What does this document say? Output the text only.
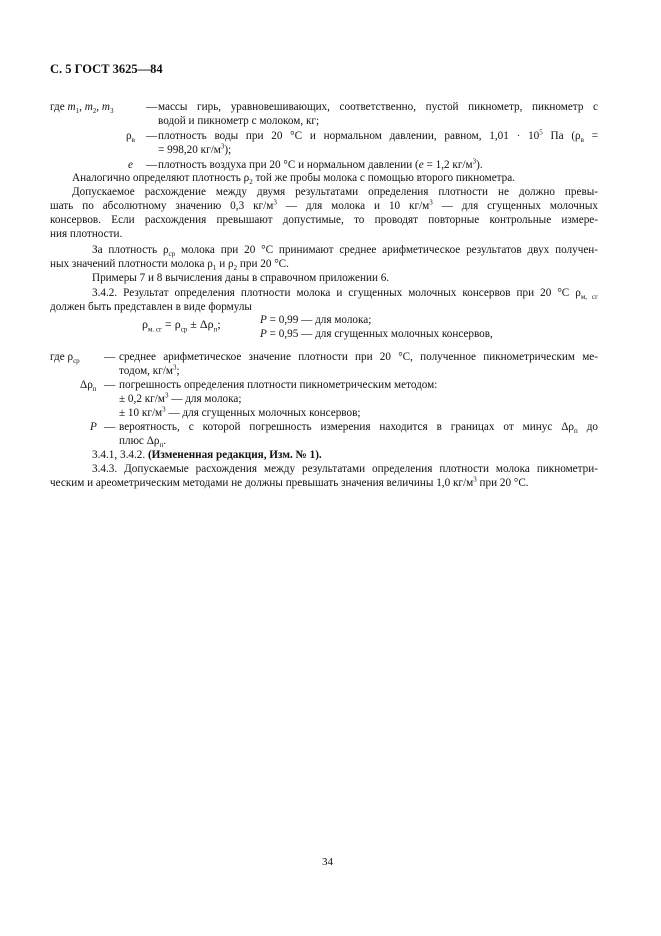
С. 5 ГОСТ 3625—84
где $m_1$, $m_2$, $m_3$	— массы гирь, уравновешивающих, соответственно, пустой пикнометр, пикнометр с
водой и пикнометр с молоком, кг;
$\rho_в$ — плотность воды при 20 °С и нормальном давлении, равном, $1,01 \cdot 10^5$ Па ($\rho_в$ =
= 998,20 $кг/м^3$);
e — плотность воздуха при 20 °С и нормальном давлении (e = 1,2 $кг/м^3$).
Аналогично определяют плотность $\rho_2$ той же пробы молока с помощью второго пикнометра.
Допускаемое расхождение между двумя результатами определения плотности не должно превы-
шать по абсолютному значению 0,3 $кг/м^3$ — для молока и 10 $кг/м^3$ — для сгущенных молочных
консервов. Если расхождения превышают допустимые, то проводят повторные контрольные измере-
ния плотности.
За плотность $\rho_{ср}$ молока при 20 °С принимают среднее арифметическое результатов двух получен-
ных значений плотности молока $\rho_1$ и $\rho_2$ при 20 °С.
Примеры 7 и 8 вычисления даны в справочном приложении 6.
3.4.2. Результат определения плотности молока и сгущенных молочных консервов при 20 °С $\rho_{м, сг}$
должен быть представлен в виде формулы
$\rho_{м. сг} = \rho_{ср} \pm \Delta\rho_п$;	P = 0,99 — для молока;
P = 0,95 — для сгущенных молочных консервов,
где $\rho_{ср}$ — среднее арифметическое значение плотности при 20 °С, полученное пикнометрическим ме-
тодом, $кг/м^3$;
$\Delta\rho_п$ — погрешность определения плотности пикнометрическим методом:
± 0,2 $кг/м^3$ — для молока;
± 10 $кг/м^3$ — для сгущенных молочных консервов;
P — вероятность, с которой погрешность измерения находится в границах от минус $\Delta\rho_п$ до
плюс $\Delta\rho_п$.
3.4.1, 3.4.2. (Измененная редакция, Изм. № 1).
3.4.3. Допускаемые расхождения между результатами определения плотности молока пикнометри-
ческим и ареометрическим методами не должны превышать значения величины 1,0 $кг/м^3$ при 20 °С.
34
